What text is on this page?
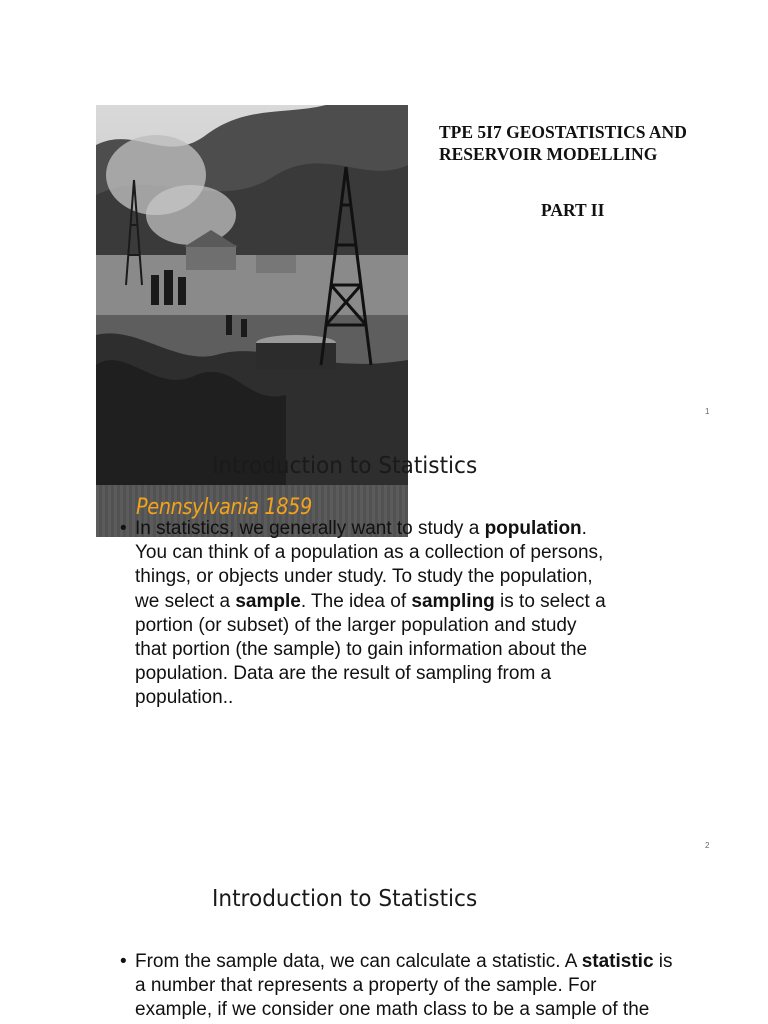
Pennsylvania 1859
TPE 5I7 GEOSTATISTICS AND
RESERVOIR MODELLING
PART II
1
Introduction to Statistics
• In statistics, we generally want to study a population.
You can think of a population as a collection of persons,
things, or objects under study. To study the population,
we select a sample. The idea of sampling is to select a
portion (or subset) of the larger population and study
that portion (the sample) to gain information about the
population. Data are the result of sampling from a
population..
2
Introduction to Statistics
• From the sample data, we can calculate a statistic. A statistic is
a number that represents a property of the sample. For
example, if we consider one math class to be a sample of the
